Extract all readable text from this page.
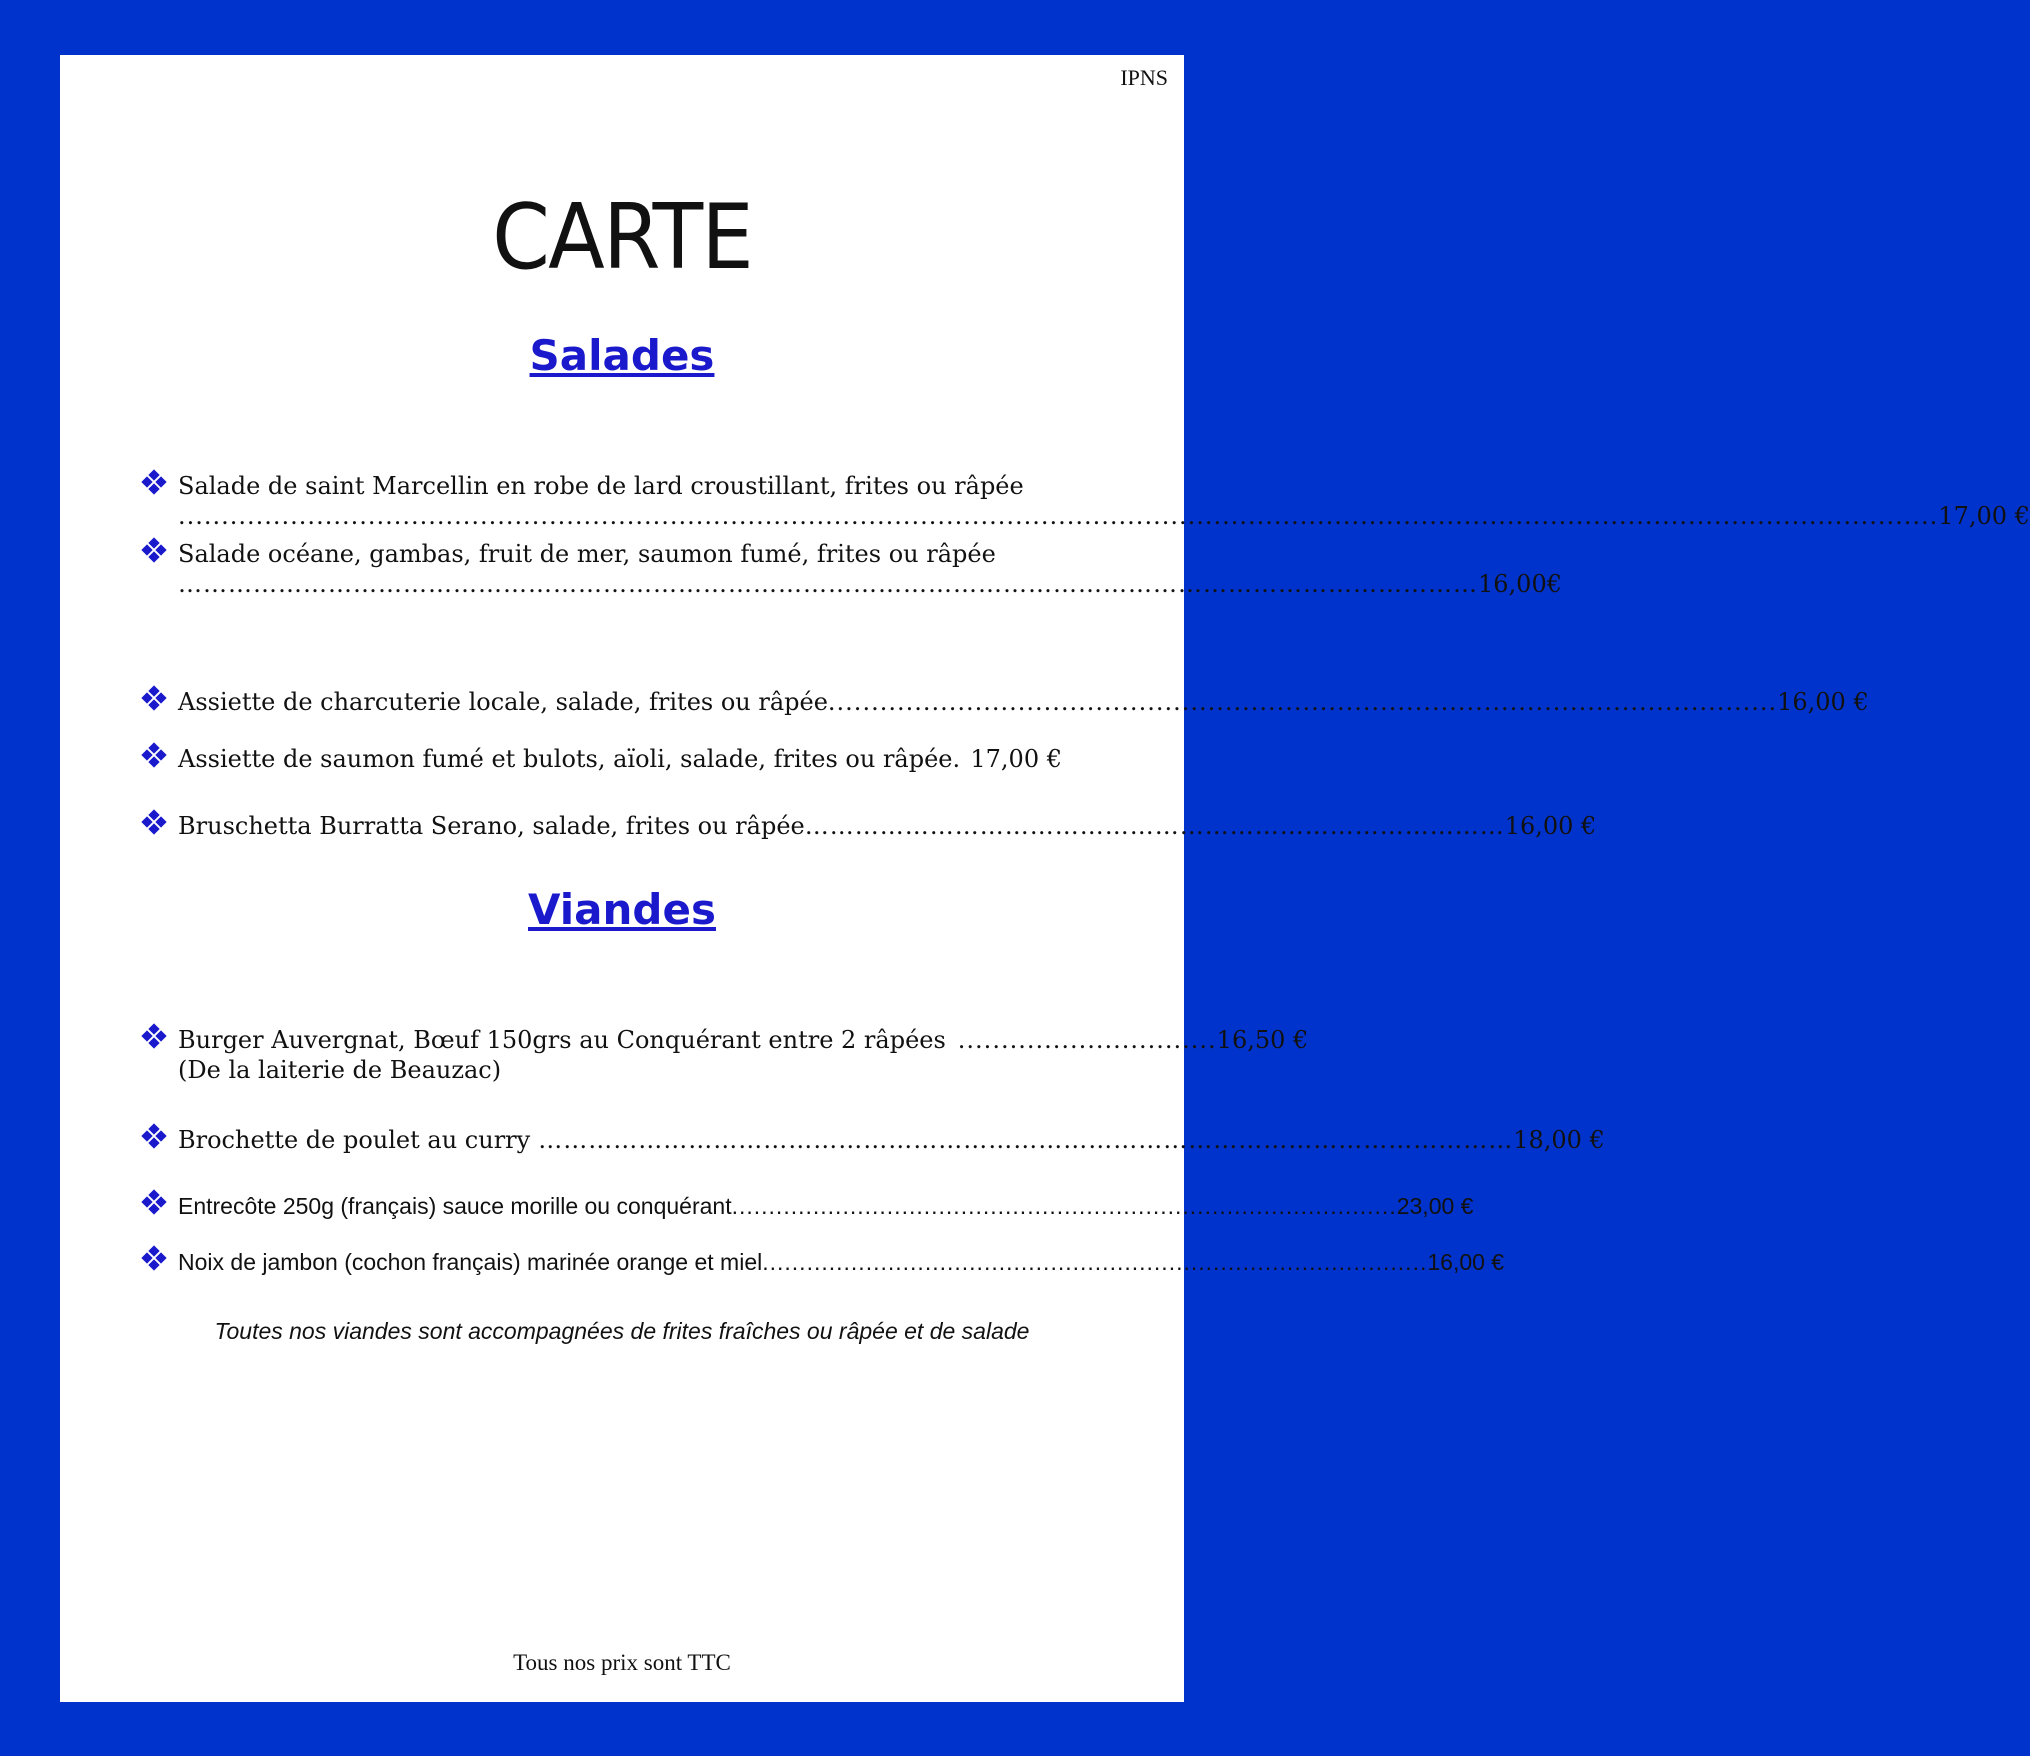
IPNS
CARTE
Salades
Salade de saint Marcellin en robe de lard croustillant, frites ou râpée
............................................................................................................................................................................................................ 17,00 €
Salade océane, gambas, fruit de mer, saumon fumé, frites ou râpée
………………………………………………………………………………………………………………………………………… 16,00€
Assiette de charcuterie locale, salade, frites ou râpée .............................................................................................................. 16,00 €
Assiette de saumon fumé et bulots, aïoli, salade, frites ou râpée. 17,00 €
Bruschetta Burratta Serano, salade, frites ou râpée ………………………………………………………………………… 16,00 €
Viandes
Burger Auvergnat, Bœuf 150grs au Conquérant entre 2 râpées .............................. 16,50 €
(De la laiterie de Beauzac)
Brochette de poulet au curry ……………………………………………………………………………………………………… 18,00 €
Entrecôte 250g (français) sauce morille ou conquérant .......................................................................................... 23,00 €
Noix de jambon (cochon français) marinée orange et miel .......................................................................................... 16,00 €
Toutes nos viandes sont accompagnées de frites fraîches ou râpée et de salade
Tous nos prix sont TTC
